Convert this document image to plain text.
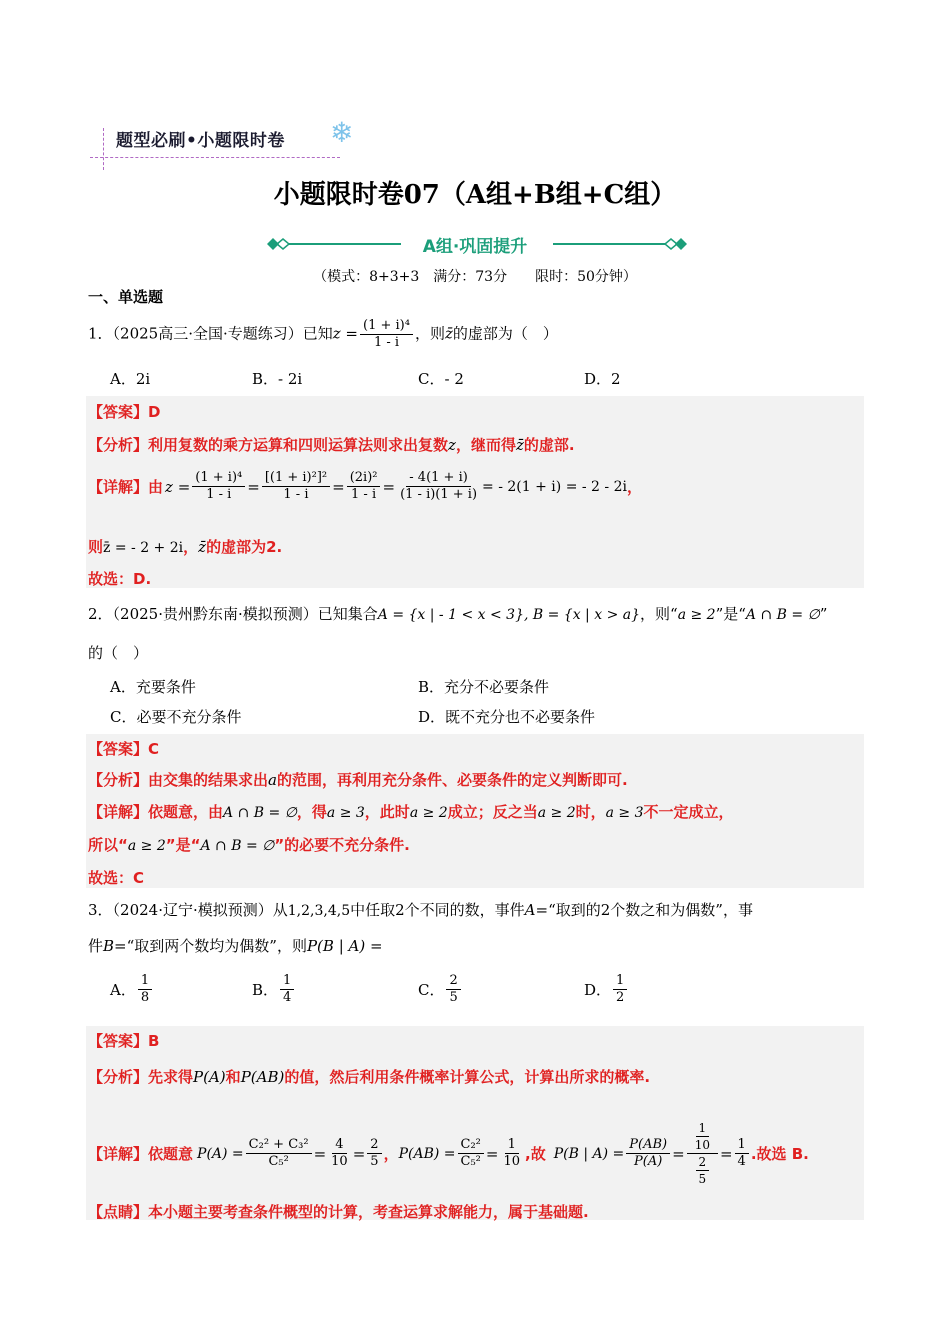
题型必刷•小题限时卷 ❄
小题限时卷07（A组+B组+C组）
A组·巩固提升
（模式：8+3+3　满分：73分　　限时：50分钟）
一、单选题
1．（2025高三·全国·专题练习）已知$z = \frac{\text{(1 + i)⁴}}{1 - i}$ ，则z̄的虚部为（　）
A．2i	B．- 2i	C．- 2	D．2
【答案】D
【分析】利用复数的乘方运算和四则运算法则求出复数z，继而得z̄的虚部.
【详解】 由 $z = \frac{\text{(1 + i)⁴}}{1 - i} = \frac{\text{[(1 + i)²]²}}{1 - i} = \frac{\text{(2i)²}}{1 - i} = \frac{- 4(1 + i)}{(1 - i)(1 + i)}$ = - 2(1 + i) = - 2 - 2i ，
则z̄ = - 2 + 2i，z̄的虚部为2.
故选：D.
2．（2025·贵州黔东南·模拟预测）已知集合A = {x | - 1 < x < 3}, B = {x | x > a}，则“a ≥ 2”是“A ∩ B = ∅”
的（　）
A．充要条件	B．充分不必要条件
C．必要不充分条件	D．既不充分也不必要条件
【答案】C
【分析】由交集的结果求出a的范围，再利用充分条件、必要条件的定义判断即可.
【详解】依题意，由A ∩ B = ∅，得a ≥ 3，此时a ≥ 2成立；反之当a ≥ 2时，a ≥ 3不一定成立，
所以“a ≥ 2”是“A ∩ B = ∅”的必要不充分条件.
故选：C
3．（2024·辽宁·模拟预测）从1,2,3,4,5中任取2个不同的数，事件A=“取到的2个数之和为偶数”，事
件B=“取到两个数均为偶数”，则P(B | A) =
A． $\frac{1}{8}$	B． $\frac{1}{4}$	C． $\frac{2}{5}$	D． $\frac{1}{2}$
【答案】B
【分析】先求得P(A)和P(AB)的值，然后利用条件概率计算公式，计算出所求的概率.
【详解】 依题意 $P(A) = \frac{\text{C₂² + C₃²}}{\text{C₅²}} = \frac{4}{10} = \frac{2}{5}$ ， $P(AB) = \frac{\text{C₂²}}{\text{C₅²}} = \frac{1}{10}$ ,故 P(B | $A) = \frac{P(AB)}{P(A)} = \frac{\frac{1}{10}}{\frac{2}{5}} = \frac{1}{4}$ .故选 B.
【点睛】本小题主要考查条件概型的计算，考查运算求解能力，属于基础题.
